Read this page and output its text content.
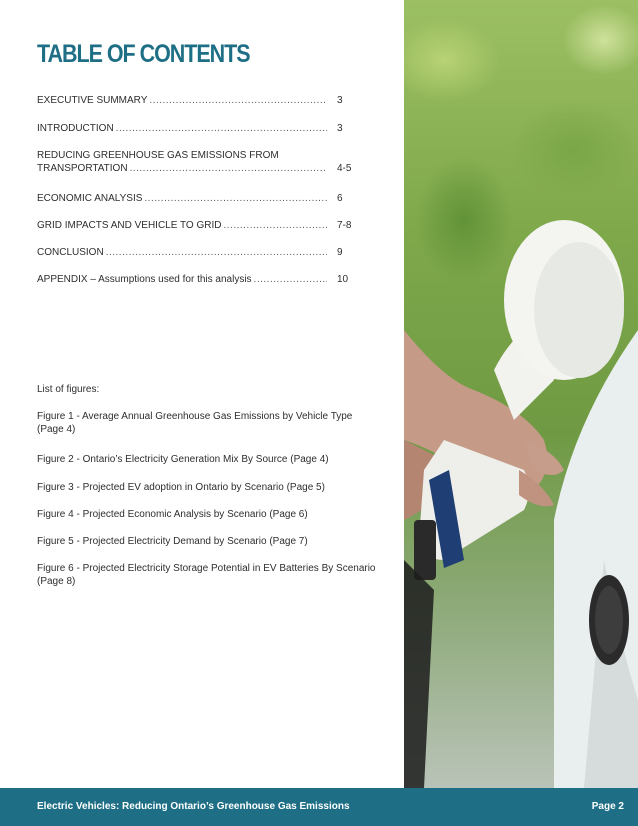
TABLE OF CONTENTS
EXECUTIVE SUMMARY .....	3
INTRODUCTION .....	3
REDUCING GREENHOUSE GAS EMISSIONS FROM
TRANSPORTATION .....	4-5
ECONOMIC ANALYSIS .....	6
GRID IMPACTS AND VEHICLE TO GRID .....	7-8
CONCLUSION .....	9
APPENDIX – Assumptions used for this analysis .....	10
List of figures:
Figure 1 - Average Annual Greenhouse Gas Emissions by Vehicle Type (Page 4)
Figure 2 - Ontario’s Electricity Generation Mix By Source (Page 4)
Figure 3 - Projected EV adoption in Ontario by Scenario (Page 5)
Figure 4 - Projected Economic Analysis by Scenario (Page 6)
Figure 5 - Projected Electricity Demand by Scenario (Page 7)
Figure 6 - Projected Electricity Storage Potential in EV Batteries By Scenario (Page 8)
Electric Vehicles: Reducing Ontario’s Greenhouse Gas Emissions	Page 2
